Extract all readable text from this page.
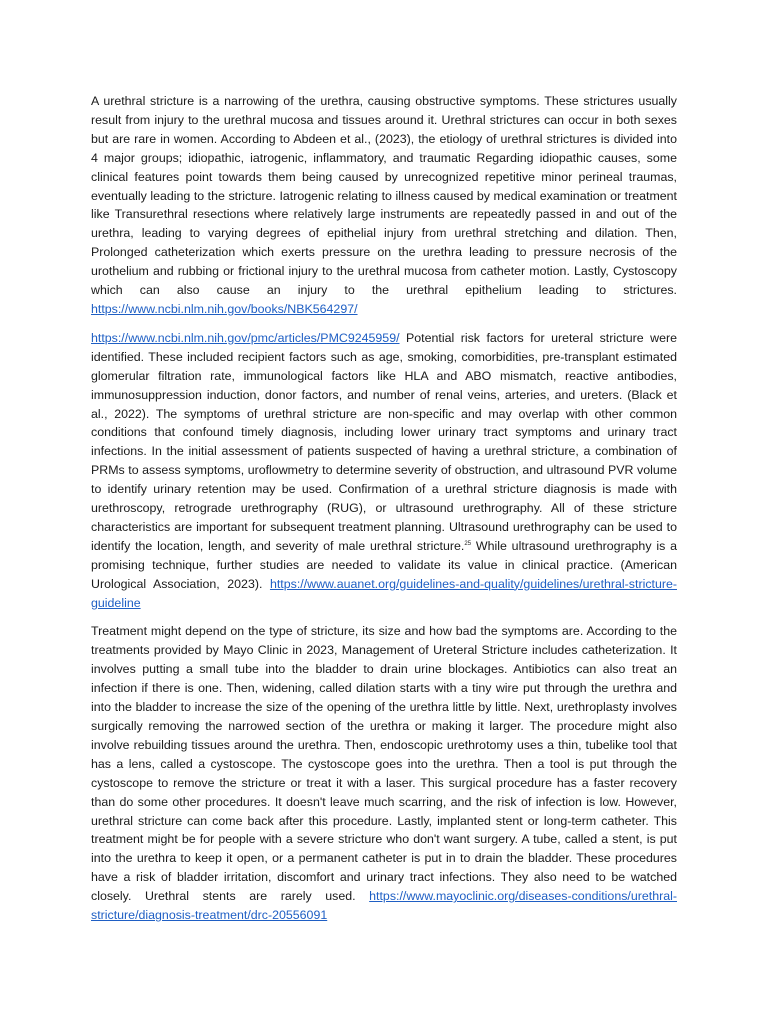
A urethral stricture is a narrowing of the urethra, causing obstructive symptoms. These strictures usually result from injury to the urethral mucosa and tissues around it. Urethral strictures can occur in both sexes but are rare in women. According to Abdeen et al., (2023), the etiology of urethral strictures is divided into 4 major groups; idiopathic, iatrogenic, inflammatory, and traumatic Regarding idiopathic causes, some clinical features point towards them being caused by unrecognized repetitive minor perineal traumas, eventually leading to the stricture. Iatrogenic relating to illness caused by medical examination or treatment like Transurethral resections where relatively large instruments are repeatedly passed in and out of the urethra, leading to varying degrees of epithelial injury from urethral stretching and dilation. Then, Prolonged catheterization which exerts pressure on the urethra leading to pressure necrosis of the urothelium and rubbing or frictional injury to the urethral mucosa from catheter motion. Lastly, Cystoscopy which can also cause an injury to the urethral epithelium leading to strictures. https://www.ncbi.nlm.nih.gov/books/NBK564297/

https://www.ncbi.nlm.nih.gov/pmc/articles/PMC9245959/ Potential risk factors for ureteral stricture were identified. These included recipient factors such as age, smoking, comorbidities, pre-transplant estimated glomerular filtration rate, immunological factors like HLA and ABO mismatch, reactive antibodies, immunosuppression induction, donor factors, and number of renal veins, arteries, and ureters. (Black et al., 2022). The symptoms of urethral stricture are non-specific and may overlap with other common conditions that confound timely diagnosis, including lower urinary tract symptoms and urinary tract infections. In the initial assessment of patients suspected of having a urethral stricture, a combination of PRMs to assess symptoms, uroflowmetry to determine severity of obstruction, and ultrasound PVR volume to identify urinary retention may be used. Confirmation of a urethral stricture diagnosis is made with urethroscopy, retrograde urethrography (RUG), or ultrasound urethrography. All of these stricture characteristics are important for subsequent treatment planning. Ultrasound urethrography can be used to identify the location, length, and severity of male urethral stricture.$^{25}$ While ultrasound urethrography is a promising technique, further studies are needed to validate its value in clinical practice. (American Urological Association, 2023). https://www.auanet.org/guidelines-and-quality/guidelines/urethral-stricture-guideline

Treatment might depend on the type of stricture, its size and how bad the symptoms are. According to the treatments provided by Mayo Clinic in 2023, Management of Ureteral Stricture includes catheterization. It involves putting a small tube into the bladder to drain urine blockages. Antibiotics can also treat an infection if there is one. Then, widening, called dilation starts with a tiny wire put through the urethra and into the bladder to increase the size of the opening of the urethra little by little. Next, urethroplasty involves surgically removing the narrowed section of the urethra or making it larger. The procedure might also involve rebuilding tissues around the urethra. Then, endoscopic urethrotomy uses a thin, tubelike tool that has a lens, called a cystoscope. The cystoscope goes into the urethra. Then a tool is put through the cystoscope to remove the stricture or treat it with a laser. This surgical procedure has a faster recovery than do some other procedures. It doesn't leave much scarring, and the risk of infection is low. However, urethral stricture can come back after this procedure. Lastly, implanted stent or long-term catheter. This treatment might be for people with a severe stricture who don't want surgery. A tube, called a stent, is put into the urethra to keep it open, or a permanent catheter is put in to drain the bladder. These procedures have a risk of bladder irritation, discomfort and urinary tract infections. They also need to be watched closely. Urethral stents are rarely used. https://www.mayoclinic.org/diseases-conditions/urethral-stricture/diagnosis-treatment/drc-20556091
